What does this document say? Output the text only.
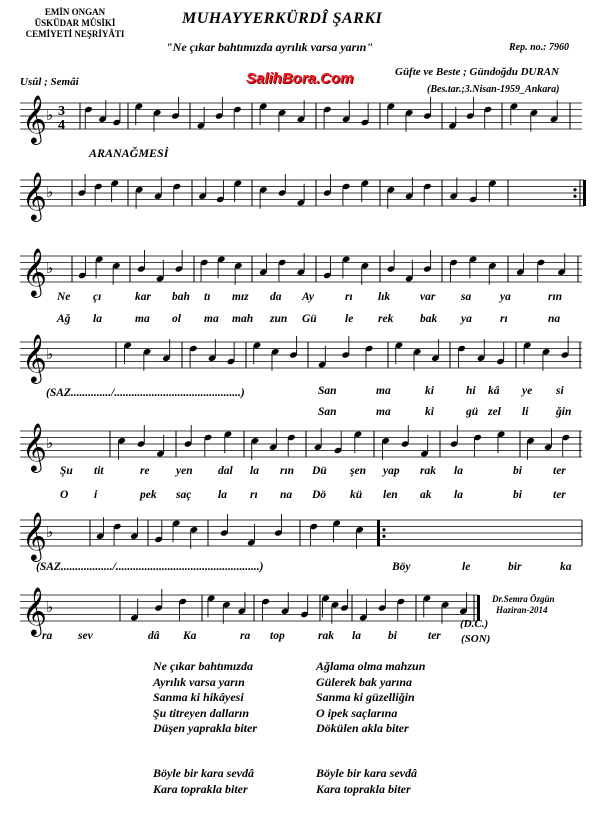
EMİN ONGAN
ÜSKÜDAR MÛSİKİ
CEMİYETİ NEŞRİYÂTI
MUHAYYERKÜRDÎ ŞARKI
"Ne çıkar bahtımızda ayrılık varsa yarın"	Rep. no.: 7960
Usûl ; Semâi	SalihBora.Com	Güfte ve Beste ; Gündoğdu DURAN
(Bes.tar.;3.Nisan-1959_Ankara)
𝄞 ♭ 3
4
𝄞 ♭
𝄞 ♭
𝄞 ♭
𝄞 ♭
𝄞 ♭
𝄞 ♭
ARANAĞMESİ
Ne çı	kar bah tı mız da Ay	rı lık	var sa	ya	rın
Ağ la	ma ol ma mah zun Gü le rek bak ya rı	na
San	ma	ki	hi kâ ye si
San	ma	ki	gü zel li ğin
Şu tit	re yen dal la rın Dü şen yap rak la	bi	ter
O i	pek saç la rı na Dö kü len ak la	bi	ter
Böy	le	bir	ka
ra sev	dâ Ka	ra top	rak la bi	ter
(SAZ............../............................................)
(SAZ................../..................................................)
(D.C.)
(SON)
Dr.Semra Özgün
Haziran-2014
Ne çıkar bahtımızda
Ayrılık varsa yarın
Sanma ki hikâyesi
Şu titreyen dalların
Düşen yaprakla biter
Ağlama olma mahzun
Gülerek bak yarına
Sanma ki güzelliğin
O ipek saçlarına
Dökülen akla biter
Böyle bir kara sevdâ
Kara toprakla biter
Böyle bir kara sevdâ
Kara toprakla biter
